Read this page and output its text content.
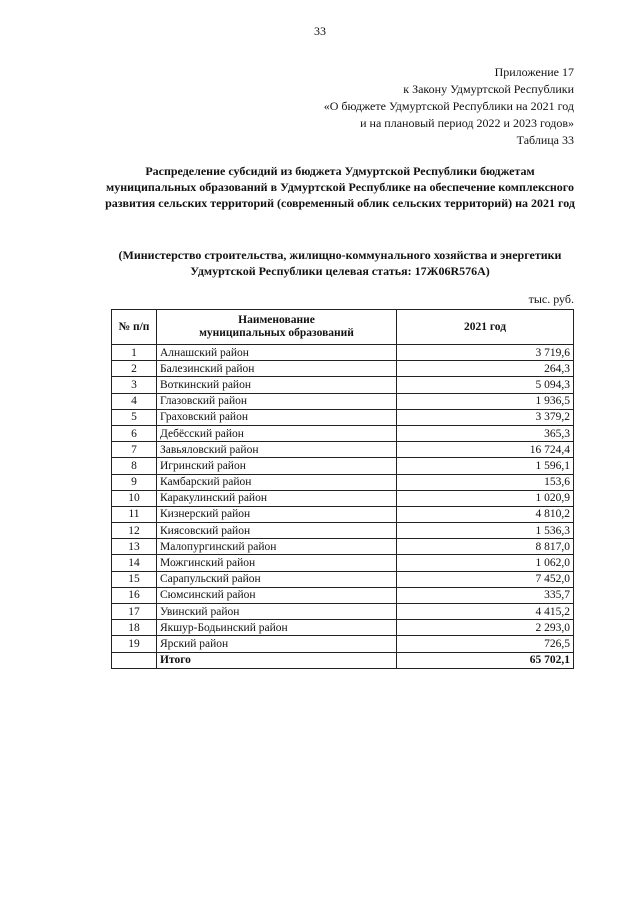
33
Приложение 17
к Закону Удмуртской Республики
«О бюджете Удмуртской Республики на 2021 год
и на плановый период 2022 и 2023 годов»
Таблица 33
Распределение субсидий из бюджета Удмуртской Республики бюджетам муниципальных образований в Удмуртской Республике на обеспечение комплексного развития сельских территорий (современный облик сельских территорий) на 2021 год
(Министерство строительства, жилищно-коммунального хозяйства и энергетики Удмуртской Республики целевая статья: 17Ж06R576А)
тыс. руб.
№ п/п	Наименование муниципальных образований	2021 год
1	Алнашский район	3 719,6
2	Балезинский район	264,3
3	Воткинский район	5 094,3
4	Глазовский район	1 936,5
5	Граховский район	3 379,2
6	Дебёсский район	365,3
7	Завьяловский район	16 724,4
8	Игринский район	1 596,1
9	Камбарский район	153,6
10	Каракулинский район	1 020,9
11	Кизнерский район	4 810,2
12	Киясовский район	1 536,3
13	Малопургинский район	8 817,0
14	Можгинский район	1 062,0
15	Сарапульский район	7 452,0
16	Сюмсинский район	335,7
17	Увинский район	4 415,2
18	Якшур-Бодьинский район	2 293,0
19	Ярский район	726,5
	Итого	65 702,1
